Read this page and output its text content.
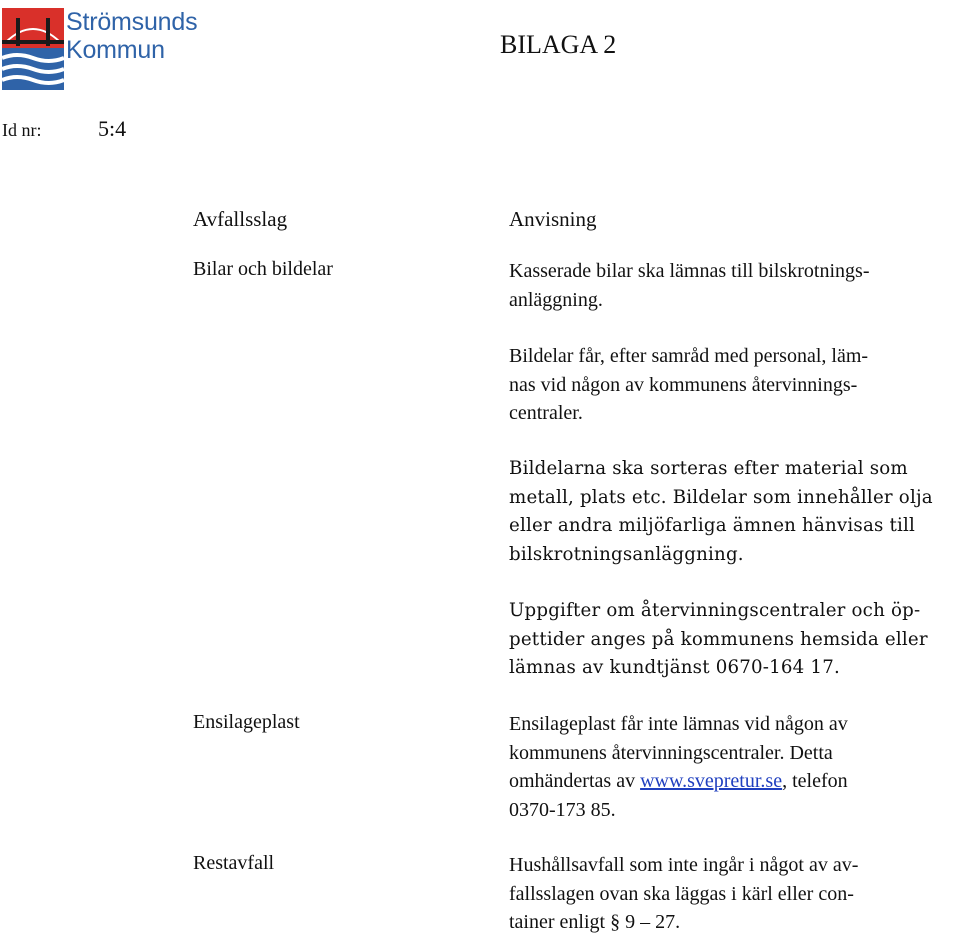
Strömsunds
Kommun	BILAGA 2
Id nr:	5:4
Avfallsslag	Anvisning
Bilar och bildelar	Kasserade bilar ska lämnas till bilskrotnings-
anläggning.
Bildelar får, efter samråd med personal, läm-
nas vid någon av kommunens återvinnings-
centraler.
Bildelarna ska sorteras efter material som
metall, plats etc. Bildelar som innehåller olja
eller andra miljöfarliga ämnen hänvisas till
bilskrotningsanläggning.
Uppgifter om återvinningscentraler och öp-
pettider anges på kommunens hemsida eller
lämnas av kundtjänst 0670-164 17.
Ensilageplast	Ensilageplast får inte lämnas vid någon av
kommunens återvinningscentraler. Detta
omhändertas av www.svepretur.se, telefon
0370-173 85.
Restavfall	Hushållsavfall som inte ingår i något av av-
fallsslagen ovan ska läggas i kärl eller con-
tainer enligt § 9 – 27.
